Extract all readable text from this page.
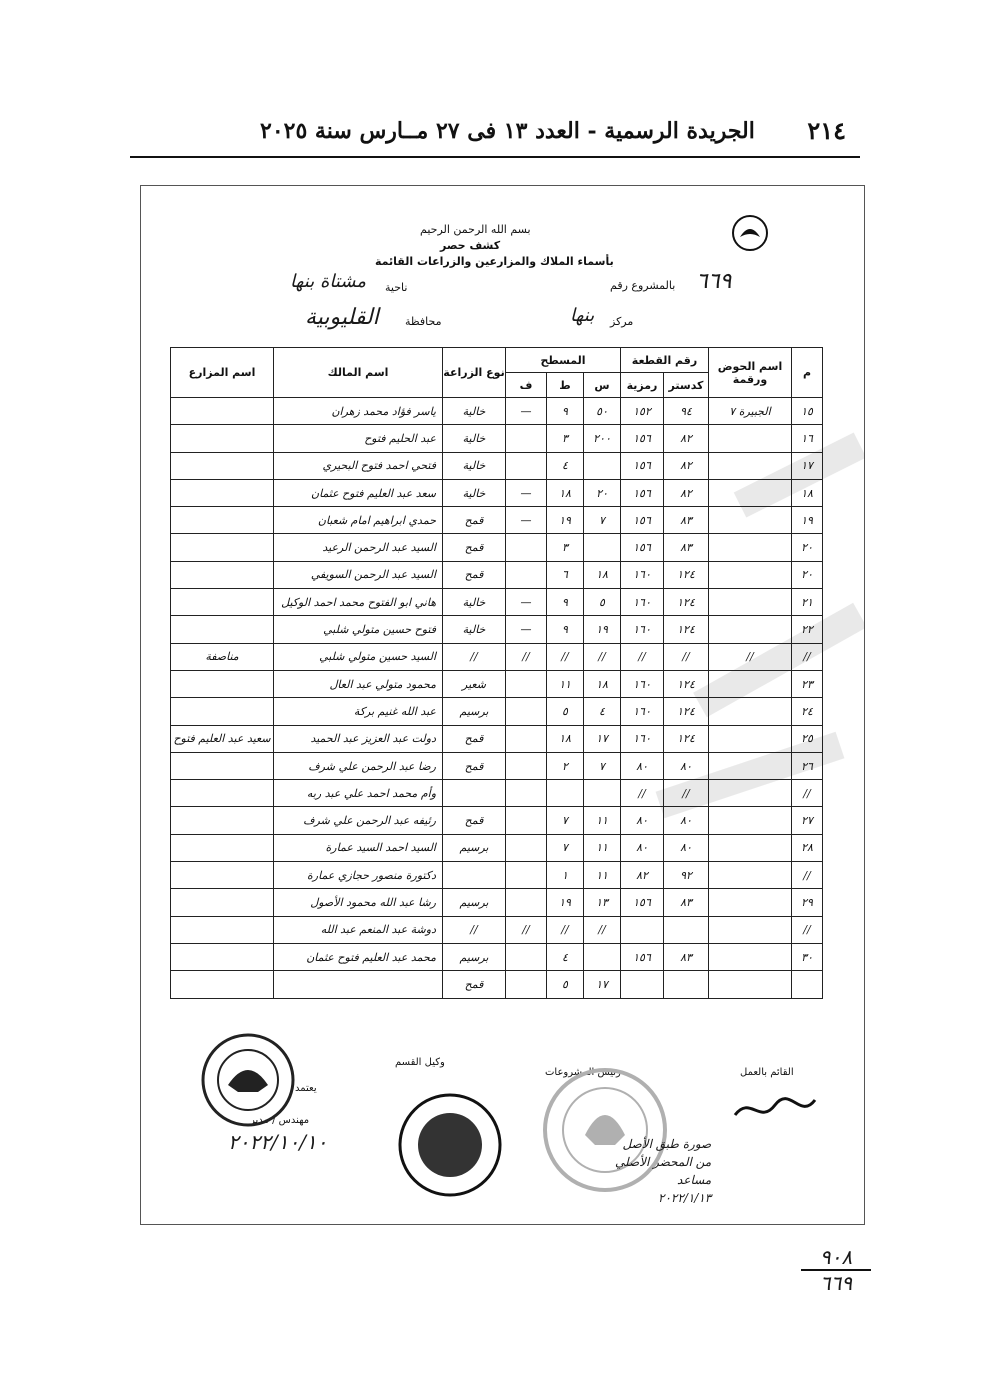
٢١٤
الجريدة الرسمية - العدد ١٣ فى ٢٧ مــارس سنة ٢٠٢٥
بسم الله الرحمن الرحيم
كشف حصر
بأسماء الملاك والمزارعين والزراعات القائمة
بالمشروع رقم ٦٦٩
ناحية
مشتاة بنها
مركز
بنها
محافظة
القليوبية
م	اسم الحوض ورقمة	رقم القطعة		المسطح			نوع الزراعة	اسم المالك	اسم المزارع
		كدستر	رمزية	س	ط	ف			
١٥	الجبيرة ٧	٩٤	١٥٢	٥٠	٩	—	خالية	ياسر فؤاد محمد زهران	
١٦		٨٢	١٥٦	٢٠٠	٣		خالية	عبد الحليم فتوح	
١٧		٨٢	١٥٦		٤		خالية	فتحي احمد فتوح البحيري	
١٨		٨٢	١٥٦	٢٠	١٨	—	خالية	سعد عبد العليم فتوح عثمان	
١٩		٨٣	١٥٦	٧	١٩	—	قمح	حمدي ابراهيم امام شعبان	
٢٠		٨٣	١٥٦		٣		قمح	السيد عبد الرحمن الرعيد	
٢٠		١٢٤	١٦٠	١٨	٦		قمح	السيد عبد الرحمن السويفي	
٢١		١٢٤	١٦٠	٥	٩	—	خالية	هاني ابو الفتوح محمد احمد الوكيل	
٢٢		١٢٤	١٦٠	١٩	٩	—	خالية	فتوح حسين متولي شلبي	
//	//	//	//	//	//	//	//	السيد حسين متولي شلبي	مناصفة
٢٣		١٢٤	١٦٠	١٨	١١		شعير	محمود متولي عبد العال	
٢٤		١٢٤	١٦٠	٤	٥		برسيم	عبد الله غنيم بركة	
٢٥		١٢٤	١٦٠	١٧	١٨		قمح	دولت عبد العزيز عبد الحميد	سعيد عبد العليم فتوح
٢٦		٨٠	٨٠	٧	٢		قمح	رضا عبد الرحمن علي شرف	
//		//	//					وأم محمد احمد علي عبد ربه	
٢٧		٨٠	٨٠	١١	٧		قمح	رئيفه عبد الرحمن علي شرف	
٢٨		٨٠	٨٠	١١	٧		برسيم	السيد احمد السيد عمارة	
//		٩٢	٨٢	١١	١			دكتورة منصور حجازي عمارة	
٢٩		٨٣	١٥٦	١٣	١٩		برسيم	رشا عبد الله محمود الأصول	
//				//	//	//	//	دوشة عبد المنعم عبد الله	
٣٠		٨٣	١٥٦		٤		برسيم	محمد عبد العليم فتوح عثمان	
				١٧	٥		قمح		
القائم بالعمل
رئيس المشروعات
وكيل القسم
يعتمد
مهندس / مدير
٢٠٢٢/١٠/١٠	صورة طبق الأصل
من المحضر الأصلي
مساعد
٢٠٢٢/١/١٣
٩٠٨
٦٦٩
